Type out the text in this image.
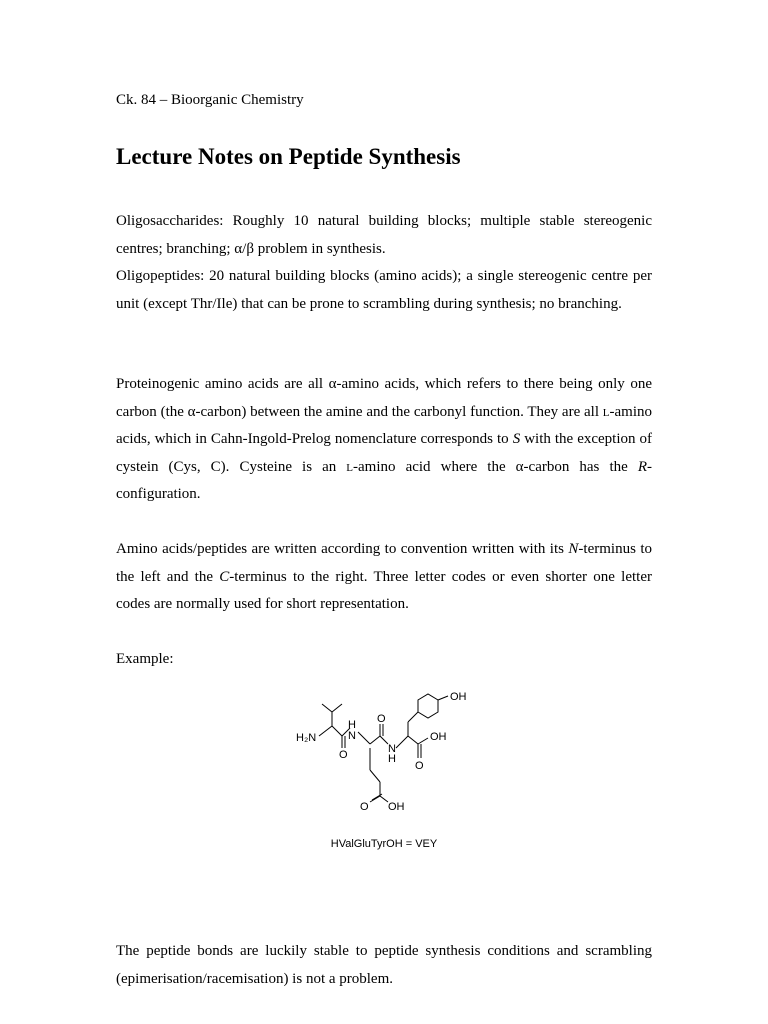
Ck. 84 – Bioorganic Chemistry

Lecture Notes on Peptide Synthesis

Oligosaccharides: Roughly 10 natural building blocks; multiple stable stereogenic centres; branching; α/β problem in synthesis.

Oligopeptides: 20 natural building blocks (amino acids); a single stereogenic centre per unit (except Thr/Ile) that can be prone to scrambling during synthesis; no branching.

Proteinogenic amino acids are all α-amino acids, which refers to there being only one carbon (the α-carbon) between the amine and the carbonyl function. They are all l-amino acids, which in Cahn-Ingold-Prelog nomenclature corresponds to S with the exception of cystein (Cys, C). Cysteine is an l-amino acid where the α-carbon has the R-configuration.

Amino acids/peptides are written according to convention written with its N-terminus to the left and the C-terminus to the right. Three letter codes or even shorter one letter codes are normally used for short representation.

Example:

OH
H₂N
O
N
H O
N
H
OH
O
O OH
HValGluTyrOH = VEY

The peptide bonds are luckily stable to peptide synthesis conditions and scrambling (epimerisation/racemisation) is not a problem.
